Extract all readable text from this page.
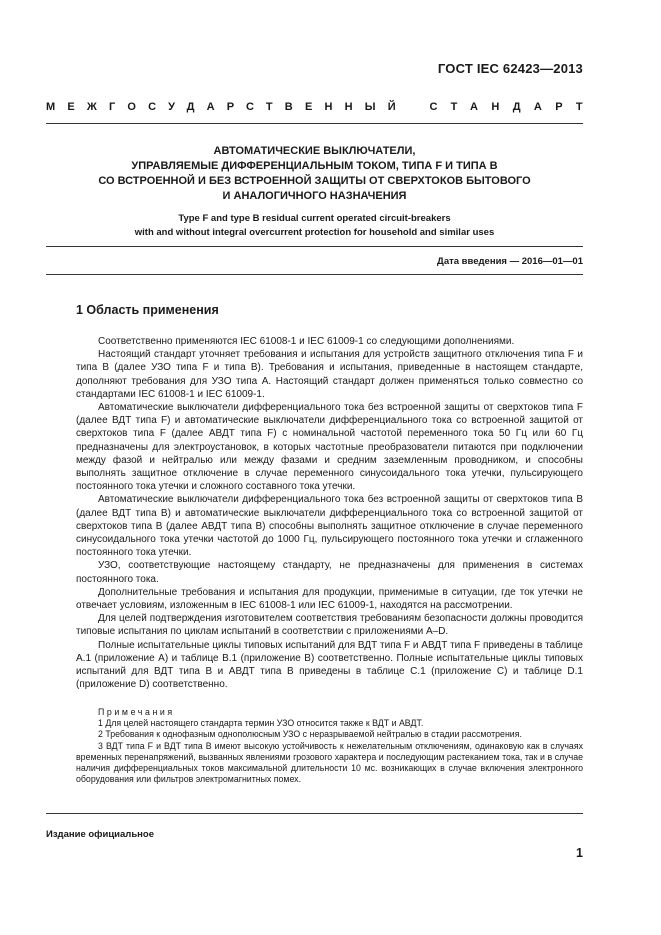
ГОСТ IEC 62423—2013
МЕЖГОСУДАРСТВЕННЫЙ СТАНДАРТ
АВТОМАТИЧЕСКИЕ ВЫКЛЮЧАТЕЛИ,
УПРАВЛЯЕМЫЕ ДИФФЕРЕНЦИАЛЬНЫМ ТОКОМ, ТИПА F И ТИПА B
СО ВСТРОЕННОЙ И БЕЗ ВСТРОЕННОЙ ЗАЩИТЫ ОТ СВЕРХТОКОВ БЫТОВОГО
И АНАЛОГИЧНОГО НАЗНАЧЕНИЯ
Type F and type B residual current operated circuit-breakers
with and without integral overcurrent protection for household and similar uses
Дата введения — 2016—01—01
1 Область применения

Соответственно применяются IEC 61008-1 и IEC 61009-1 со следующими дополнениями.

Настоящий стандарт уточняет требования и испытания для устройств защитного отключения типа F и типа B (далее УЗО типа F и типа B). Требования и испытания, приведенные в настоящем стандарте, дополняют требования для УЗО типа A. Настоящий стандарт должен применяться только совместно со стандартами IEC 61008-1 и IEC 61009-1.

Автоматические выключатели дифференциального тока без встроенной защиты от сверхтоков типа F (далее ВДТ типа F) и автоматические выключатели дифференциального тока со встроенной защитой от сверхтоков типа F (далее АВДТ типа F) с номинальной частотой переменного тока 50 Гц или 60 Гц предназначены для электроустановок, в которых частотные преобразователи питаются при подключении между фазой и нейтралью или между фазами и средним заземленным проводником, и способны выполнять защитное отключение в случае переменного синусоидального тока утечки, пульсирующего постоянного тока утечки и сложного составного тока утечки.

Автоматические выключатели дифференциального тока без встроенной защиты от сверхтоков типа B (далее ВДТ типа B) и автоматические выключатели дифференциального тока со встроенной защитой от сверхтоков типа B (далее АВДТ типа B) способны выполнять защитное отключение в случае переменного синусоидального тока утечки частотой до 1000 Гц, пульсирующего постоянного тока утечки и сглаженного постоянного тока утечки.

УЗО, соответствующие настоящему стандарту, не предназначены для применения в системах постоянного тока.

Дополнительные требования и испытания для продукции, применимые в ситуации, где ток утечки не отвечает условиям, изложенным в IEC 61008-1 или IEC 61009-1, находятся на рассмотрении.

Для целей подтверждения изготовителем соответствия требованиям безопасности должны проводится типовые испытания по циклам испытаний в соответствии с приложениями A–D.

Полные испытательные циклы типовых испытаний для ВДТ типа F и АВДТ типа F приведены в таблице A.1 (приложение A) и таблице B.1 (приложение B) соответственно. Полные испытательные циклы типовых испытаний для ВДТ типа B и АВДТ типа B приведены в таблице C.1 (приложение C) и таблице D.1 (приложение D) соответственно.

Примечания

1 Для целей настоящего стандарта термин УЗО относится также к ВДТ и АВДТ.

2 Требования к однофазным однополюсным УЗО с неразрываемой нейтралью в стадии рассмотрения.

3 ВДТ типа F и ВДТ типа B имеют высокую устойчивость к нежелательным отключениям, одинаковую как в случаях временных перенапряжений, вызванных явлениями грозового характера и последующим растеканием тока, так и в случае наличия дифференциальных токов максимальной длительности 10 мс. возникающих в случае включения электронного оборудования или фильтров электромагнитных помех.

Издание официальное
1
